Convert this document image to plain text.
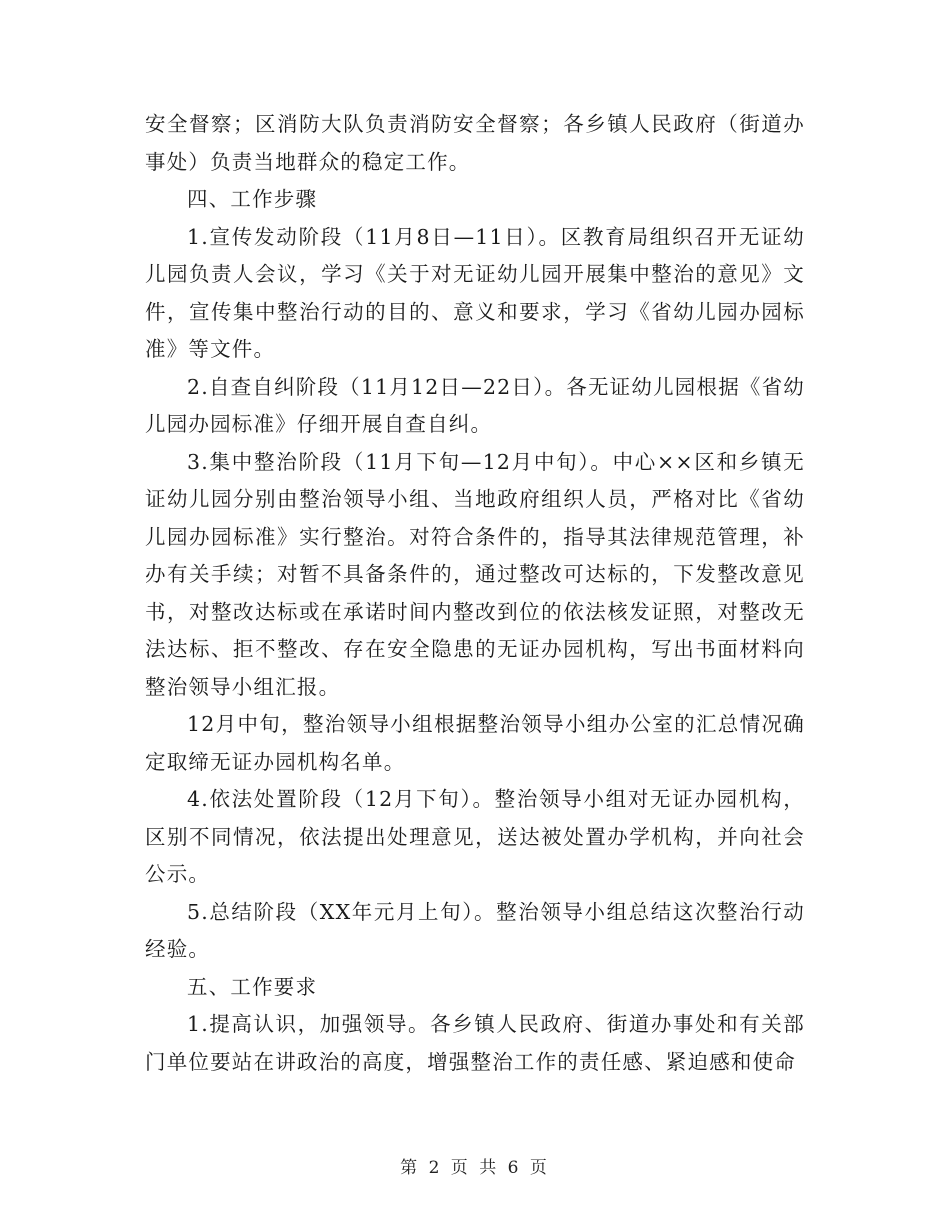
安全督察；区消防大队负责消防安全督察；各乡镇人民政府（街道办事处）负责当地群众的稳定工作。

四、工作步骤

1.宣传发动阶段（11月8日—11日）。区教育局组织召开无证幼儿园负责人会议，学习《关于对无证幼儿园开展集中整治的意见》文件，宣传集中整治行动的目的、意义和要求，学习《省幼儿园办园标准》等文件。

2.自查自纠阶段（11月12日—22日）。各无证幼儿园根据《省幼儿园办园标准》仔细开展自查自纠。

3.集中整治阶段（11月下旬—12月中旬）。中心××区和乡镇无证幼儿园分别由整治领导小组、当地政府组织人员，严格对比《省幼儿园办园标准》实行整治。对符合条件的，指导其法律规范管理，补办有关手续；对暂不具备条件的，通过整改可达标的，下发整改意见书，对整改达标或在承诺时间内整改到位的依法核发证照，对整改无法达标、拒不整改、存在安全隐患的无证办园机构，写出书面材料向整治领导小组汇报。

12月中旬，整治领导小组根据整治领导小组办公室的汇总情况确定取缔无证办园机构名单。

4.依法处置阶段（12月下旬）。整治领导小组对无证办园机构，区别不同情况，依法提出处理意见，送达被处置办学机构，并向社会公示。

5.总结阶段（XX年元月上旬）。整治领导小组总结这次整治行动经验。

五、工作要求

1.提高认识，加强领导。各乡镇人民政府、街道办事处和有关部门单位要站在讲政治的高度，增强整治工作的责任感、紧迫感和使命

第 2 页 共 6 页
